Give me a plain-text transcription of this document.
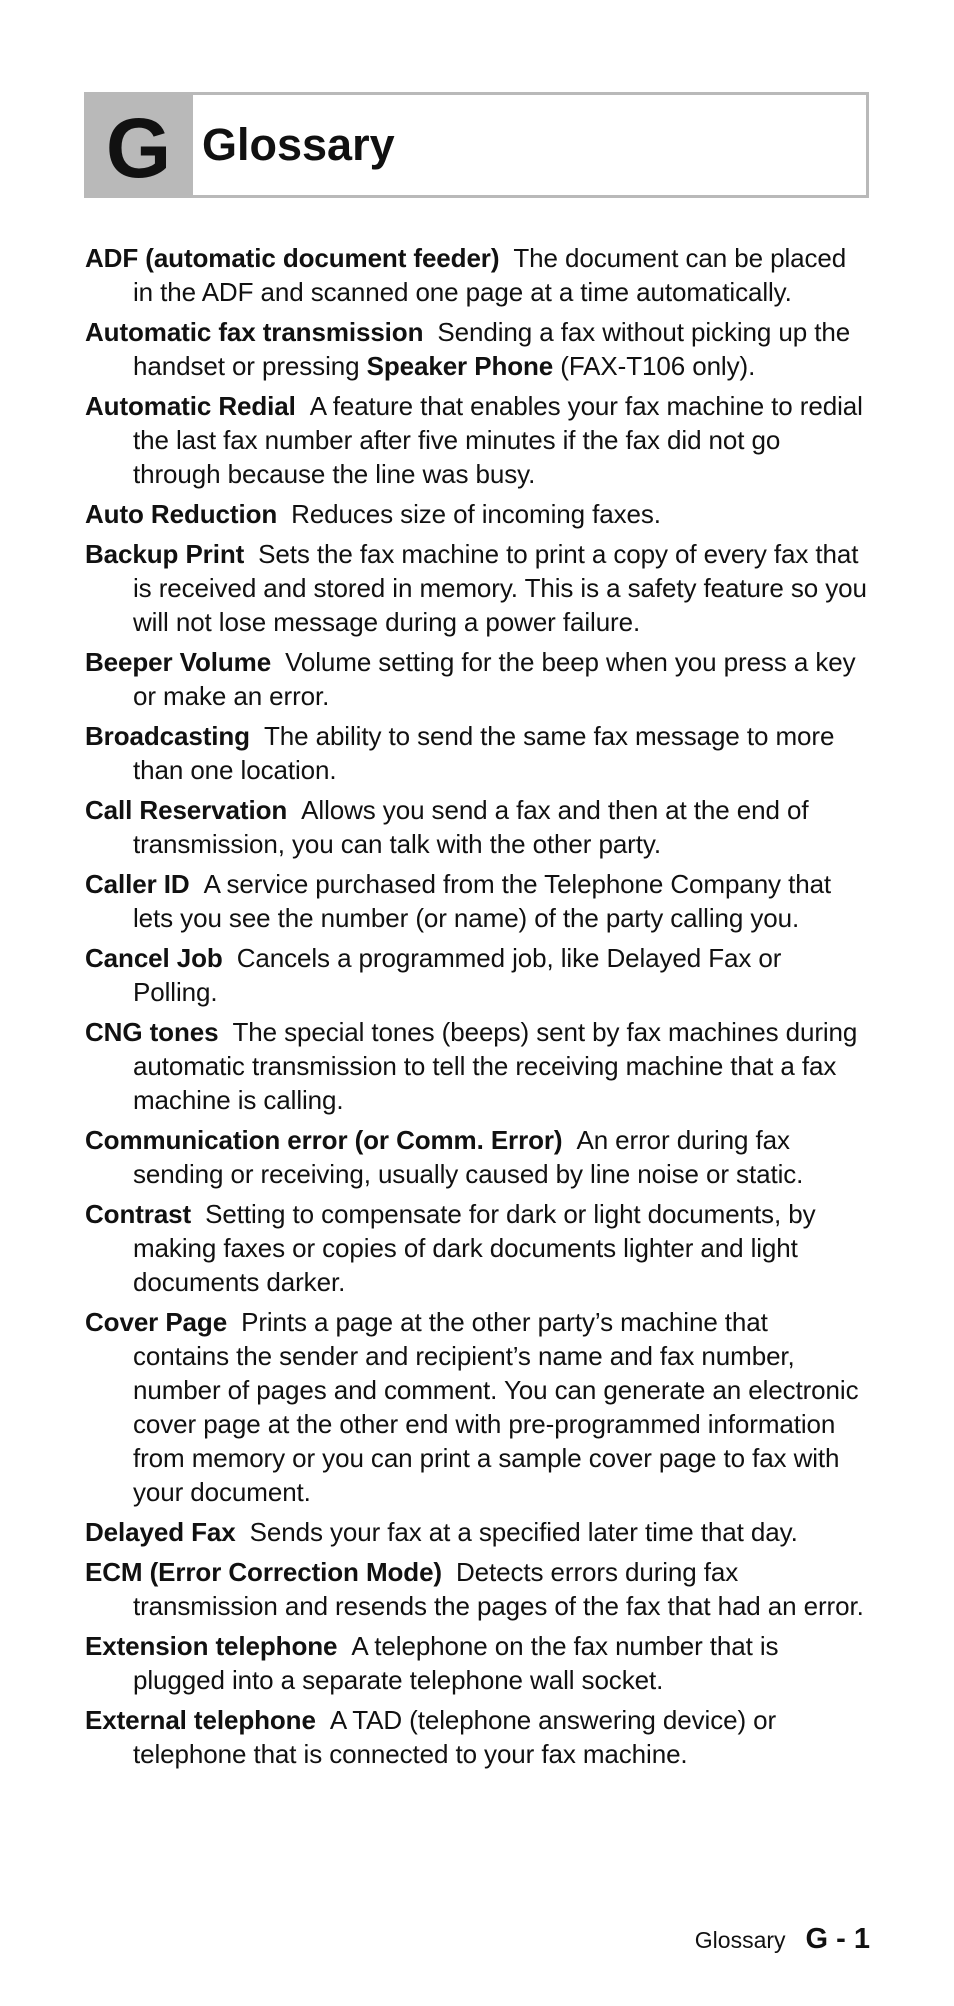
G Glossary

ADF (automatic document feeder) The document can be placed in the ADF and scanned one page at a time automatically.

Automatic fax transmission Sending a fax without picking up the handset or pressing Speaker Phone (FAX-T106 only).

Automatic Redial A feature that enables your fax machine to redial the last fax number after five minutes if the fax did not go through because the line was busy.

Auto Reduction Reduces size of incoming faxes.

Backup Print Sets the fax machine to print a copy of every fax that is received and stored in memory. This is a safety feature so you will not lose message during a power failure.

Beeper Volume Volume setting for the beep when you press a key or make an error.

Broadcasting The ability to send the same fax message to more than one location.

Call Reservation Allows you send a fax and then at the end of transmission, you can talk with the other party.

Caller ID A service purchased from the Telephone Company that lets you see the number (or name) of the party calling you.

Cancel Job Cancels a programmed job, like Delayed Fax or Polling.

CNG tones The special tones (beeps) sent by fax machines during automatic transmission to tell the receiving machine that a fax machine is calling.

Communication error (or Comm. Error) An error during fax sending or receiving, usually caused by line noise or static.

Contrast Setting to compensate for dark or light documents, by making faxes or copies of dark documents lighter and light documents darker.

Cover Page Prints a page at the other party’s machine that contains the sender and recipient’s name and fax number, number of pages and comment. You can generate an electronic cover page at the other end with pre-programmed information from memory or you can print a sample cover page to fax with your document.

Delayed Fax Sends your fax at a specified later time that day.

ECM (Error Correction Mode) Detects errors during fax transmission and resends the pages of the fax that had an error.

Extension telephone A telephone on the fax number that is plugged into a separate telephone wall socket.

External telephone A TAD (telephone answering device) or telephone that is connected to your fax machine.

Glossary G - 1
